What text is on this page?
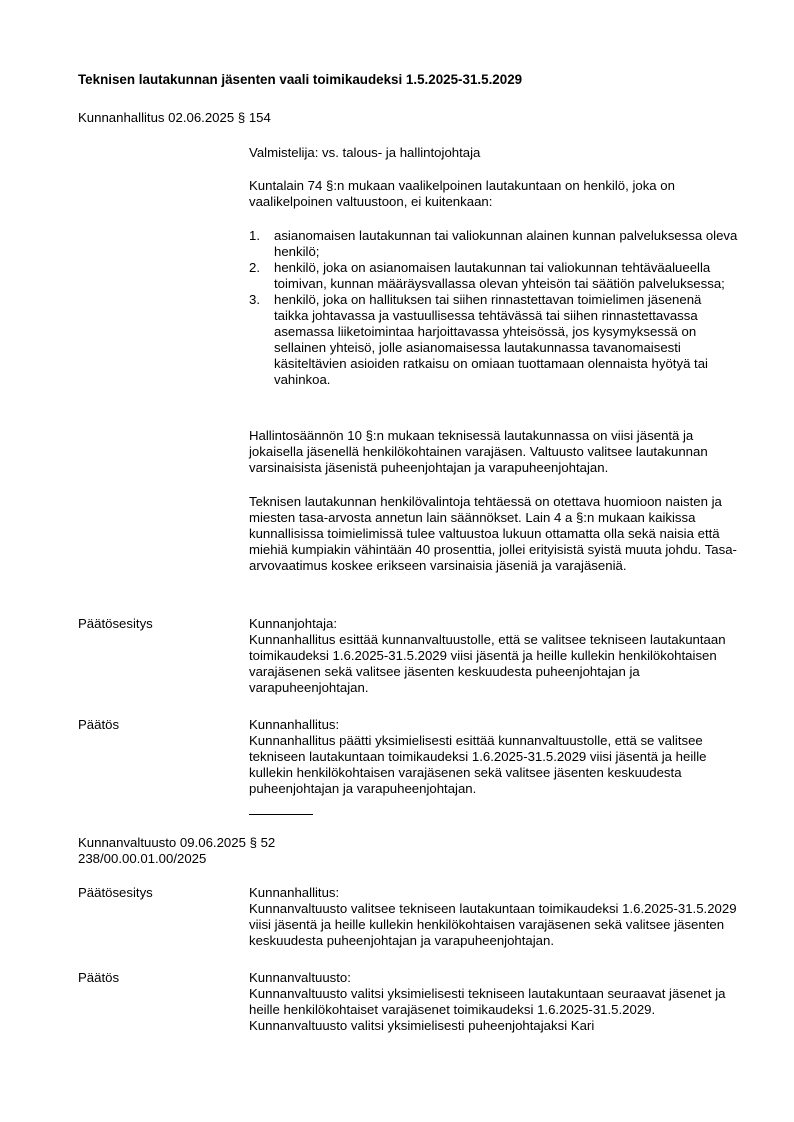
Teknisen lautakunnan jäsenten vaali toimikaudeksi 1.5.2025-31.5.2029
Kunnanhallitus 02.06.2025 § 154
Valmistelija: vs. talous- ja hallintojohtaja
Kuntalain 74 §:n mukaan vaalikelpoinen lautakuntaan on henkilö, joka on vaalikelpoinen valtuustoon, ei kuitenkaan:
1. asianomaisen lautakunnan tai valiokunnan alainen kunnan palveluksessa oleva henkilö;
2. henkilö, joka on asianomaisen lautakunnan tai valiokunnan tehtäväalueella toimivan, kunnan määräysvallassa olevan yhteisön tai säätiön palveluksessa;
3. henkilö, joka on hallituksen tai siihen rinnastettavan toimielimen jäsenenä taikka johtavassa ja vastuullisessa tehtävässä tai siihen rinnastettavassa asemassa liiketoimintaa harjoittavassa yhteisössä, jos kysymyksessä on sellainen yhteisö, jolle asianomaisessa lautakunnassa tavanomaisesti käsiteltävien asioiden ratkaisu on omiaan tuottamaan olennaista hyötyä tai vahinkoa.
Hallintosäännön 10 §:n mukaan teknisessä lautakunnassa on viisi jäsentä ja jokaisella jäsenellä henkilökohtainen varajäsen. Valtuusto valitsee lautakunnan varsinaisista jäsenistä puheenjohtajan ja varapuheenjohtajan.
Teknisen lautakunnan henkilövalintoja tehtäessä on otettava huomioon naisten ja miesten tasa-arvosta annetun lain säännökset. Lain 4 a §:n mukaan kaikissa kunnallisissa toimielimissä tulee valtuustoa lukuun ottamatta olla sekä naisia että miehiä kumpiakin vähintään 40 prosenttia, jollei erityisistä syistä muuta johdu. Tasa-arvovaatimus koskee erikseen varsinaisia jäseniä ja varajäseniä.
Päätösesitys	Kunnanjohtaja:

Kunnanhallitus esittää kunnanvaltuustolle, että se valitsee tekniseen lautakuntaan toimikaudeksi 1.6.2025-31.5.2029 viisi jäsentä ja heille kullekin henkilökohtaisen varajäsenen sekä valitsee jäsenten keskuudesta puheenjohtajan ja varapuheenjohtajan.

Päätös	Kunnanhallitus:

Kunnanhallitus päätti yksimielisesti esittää kunnanvaltuustolle, että se valitsee tekniseen lautakuntaan toimikaudeksi 1.6.2025-31.5.2029 viisi jäsentä ja heille kullekin henkilökohtaisen varajäsenen sekä valitsee jäsenten keskuudesta puheenjohtajan ja varapuheenjohtajan.

Kunnanvaltuusto 09.06.2025 § 52
238/00.00.01.00/2025
Päätösesitys	Kunnanhallitus:

Kunnanvaltuusto valitsee tekniseen lautakuntaan toimikaudeksi 1.6.2025-31.5.2029 viisi jäsentä ja heille kullekin henkilökohtaisen varajäsenen sekä valitsee jäsenten keskuudesta puheenjohtajan ja varapuheenjohtajan.

Päätös	Kunnanvaltuusto:

Kunnanvaltuusto valitsi yksimielisesti tekniseen lautakuntaan seuraavat jäsenet ja heille henkilökohtaiset varajäsenet toimikaudeksi 1.6.2025-31.5.2029. Kunnanvaltuusto valitsi yksimielisesti puheenjohtajaksi Kari
